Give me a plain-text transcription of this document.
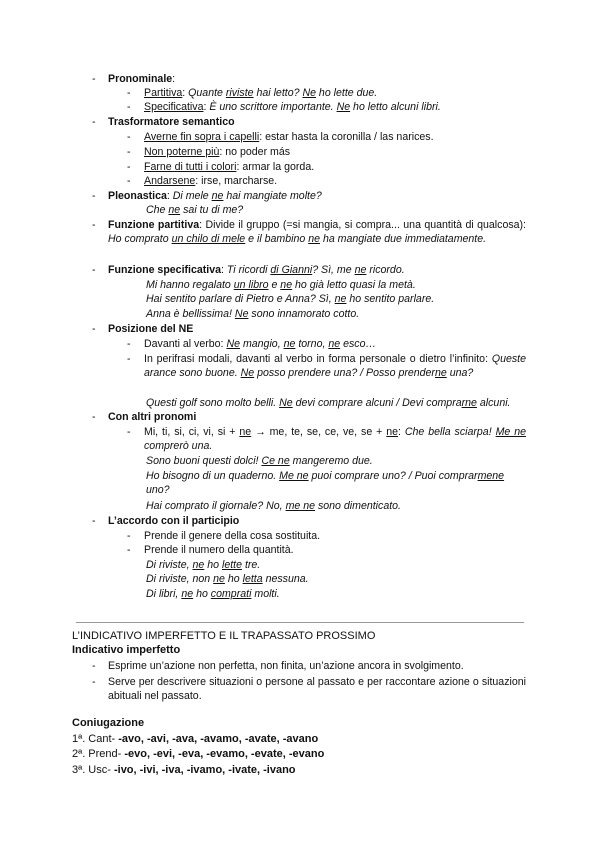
- Pronominale:
- Partitiva: Quante riviste hai letto? Ne ho lette due.
- Specificativa: È uno scrittore importante. Ne ho letto alcuni libri.
- Trasformatore semantico
- Averne fin sopra i capelli: estar hasta la coronilla / las narices.
- Non poterne più: no poder más
- Farne di tutti i colori: armar la gorda.
- Andarsene: irse, marcharse.
- Pleonastica: Di mele ne hai mangiate molte?
Che ne sai tu di me?
- Funzione partitiva: Divide il gruppo (=si mangia, si compra... una quantità di qualcosa): Ho comprato un chilo di mele e il bambino ne ha mangiate due immediatamente.
- Funzione specificativa: Ti ricordi di Gianni? Sì, me ne ricordo.
Mi hanno regalato un libro e ne ho già letto quasi la metà.
Hai sentito parlare di Pietro e Anna? Sì, ne ho sentito parlare.
Anna è bellissima! Ne sono innamorato cotto.
- Posizione del NE
- Davanti al verbo: Ne mangio, ne torno, ne esco…
- In perifrasi modali, davanti al verbo in forma personale o dietro l’infinito: Queste arance sono buone. Ne posso prendere una? / Posso prenderne una?
Questi golf sono molto belli. Ne devi comprare alcuni / Devi comprarne alcuni.
- Con altri pronomi
- Mi, ti, si, ci, vi, si + ne → me, te, se, ce, ve, se + ne: Che bella sciarpa! Me ne comprerò una.
Sono buoni questi dolci! Ce ne mangeremo due.
Ho bisogno di un quaderno. Me ne puoi comprare uno? / Puoi comprarmene uno?
Hai comprato il giornale? No, me ne sono dimenticato.
- L’accordo con il participio
- Prende il genere della cosa sostituita.
- Prende il numero della quantità.
Di riviste, ne ho lette tre.
Di riviste, non ne ho letta nessuna.
Di libri, ne ho comprati molti.
L’INDICATIVO IMPERFETTO E IL TRAPASSATO PROSSIMO
Indicativo imperfetto
- Esprime un’azione non perfetta, non finita, un’azione ancora in svolgimento.
- Serve per descrivere situazioni o persone al passato e per raccontare azione o situazioni abituali nel passato.
Coniugazione
1ª. Cant- -avo, -avi, -ava, -avamo, -avate, -avano
2ª. Prend- -evo, -evi, -eva, -evamo, -evate, -evano
3ª. Usc- -ivo, -ivi, -iva, -ivamo, -ivate, -ivano
